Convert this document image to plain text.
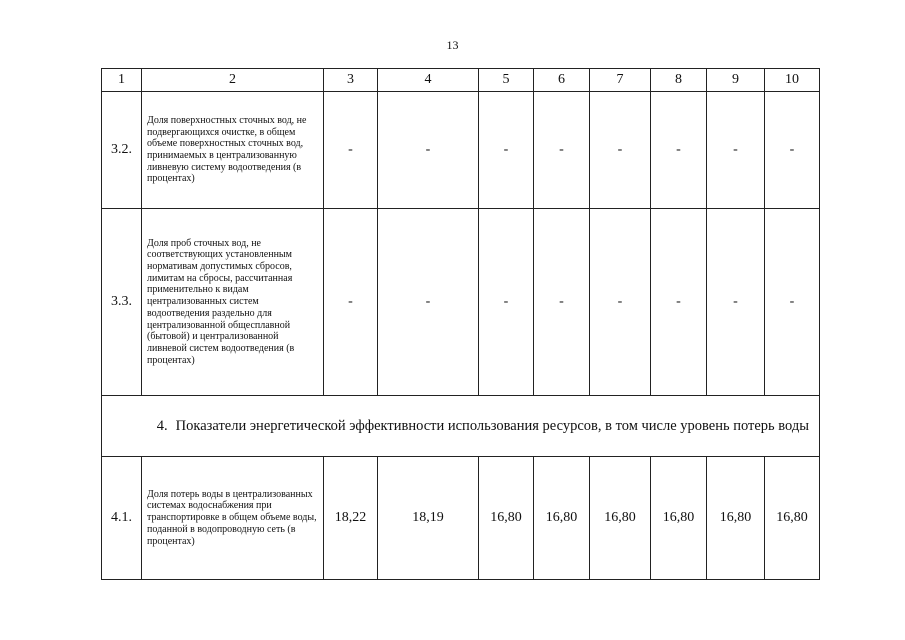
13
1	2	3	4	5	6	7	8	9	10
3.2.	Доля поверхностных сточных вод, не подвергающихся очистке, в общем объеме поверхностных сточных вод, принимаемых в централизованную ливневую систему водоотведения (в процентах)	-	-	-	-	-	-	-	-
3.3.	Доля проб сточных вод, не соответствующих установленным нормативам допустимых сбросов, лимитам на сбросы, рассчитанная применительно к видам централизованных систем водоотведения раздельно для централизованной общесплавной (бытовой) и централизованной ливневой систем водоотведения (в процентах)	-	-	-	-	-	-	-	-
4. Показатели энергетической эффективности использования ресурсов, в том числе уровень потерь воды									
4.1.	Доля потерь воды в централизованных системах водоснабжения при транспортировке в общем объеме воды, поданной в водопроводную сеть (в процентах)	18,22	18,19	16,80	16,80	16,80	16,80	16,80	16,80
